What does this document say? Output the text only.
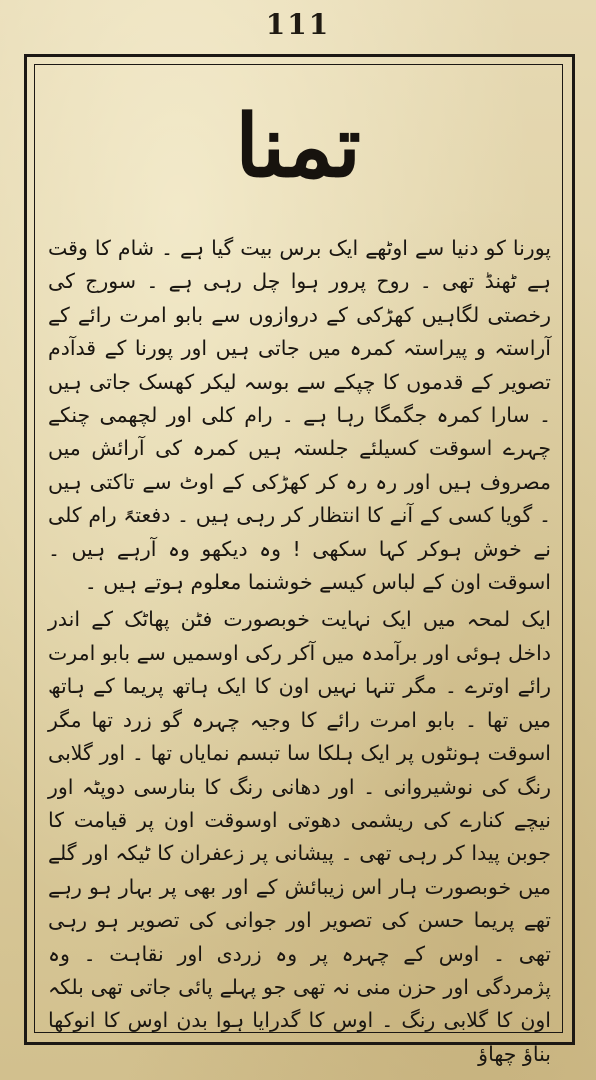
111
تمنا

پورنا کو دنیا سے اوٹھے ایک برس بیت گیا ہے ۔ شام کا وقت ہے ٹھنڈ تھی ۔ روح پرور ہوا چل رہی ہے ۔ سورج کی رخصتی لگاہیں کھڑکی کے دروازوں سے بابو امرت رائے کے آراستہ و پیراستہ کمرہ میں جاتی ہیں اور پورنا کے قدآدم تصویر کے قدموں کا چپکے سے بوسہ لیکر کھسک جاتی ہیں ۔ سارا کمرہ جگمگا رہا ہے ۔ رام کلی اور لچھمی چنکے چہرے اسوقت کسیلئے جلستہ ہیں کمرہ کی آرائش میں مصروف ہیں اور رہ رہ کر کھڑکی کے اوٹ سے تاکتی ہیں ۔ گویا کسی کے آنے کا انتظار کر رہی ہیں ۔ دفعتہً رام کلی نے خوش ہوکر کہا سکھی ! وہ دیکھو وہ آرہے ہیں ۔ اسوقت اون کے لباس کیسے خوشنما معلوم ہوتے ہیں ۔

ایک لمحہ میں ایک نہایت خوبصورت فٹن پھاٹک کے اندر داخل ہوئی اور برآمدہ میں آکر رکی اوسمیں سے بابو امرت رائے اوترے ۔ مگر تنہا نہیں اون کا ایک ہاتھ پریما کے ہاتھ میں تھا ۔ بابو امرت رائے کا وجیہ چہرہ گو زرد تھا مگر اسوقت ہونٹوں پر ایک ہلکا سا تبسم نمایاں تھا ۔ اور گلابی رنگ کی نوشیروانی ۔ اور دھانی رنگ کا بنارسی دوپٹہ اور نیچے کنارے کی ریشمی دھوتی اوسوقت اون پر قیامت کا جوبن پیدا کر رہی تھی ۔ پیشانی پر زعفران کا ٹیکہ اور گلے میں خوبصورت ہار اس زیبائش کے اور بھی پر بہار ہو رہے تھے پریما حسن کی تصویر اور جوانی کی تصویر ہو رہی تھی ۔ اوس کے چہرہ پر وہ زردی اور نقاہت ۔ وہ پژمردگی اور حزن منی نہ تھی جو پہلے پائی جاتی تھی بلکہ اون کا گلابی رنگ ۔ اوس کا گدرایا ہوا بدن اوس کا انوکھا بناؤ چھاؤ
